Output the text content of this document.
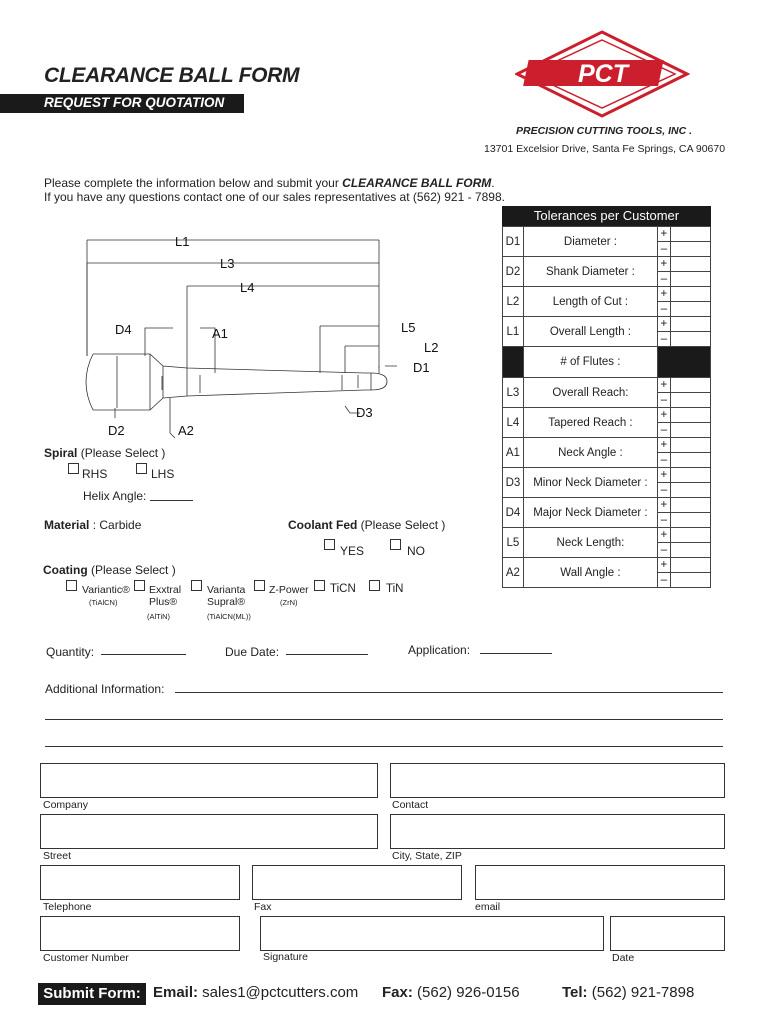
CLEARANCE BALL FORM
REQUEST FOR QUOTATION
PCT
PRECISION CUTTING TOOLS, INC .
13701 Excelsior Drive, Santa Fe Springs, CA 90670
Please complete the information below and submit your CLEARANCE BALL FORM.
If you have any questions contact one of our sales representatives at (562) 921 - 7898.
L1
L3
L4
D4	A1	L5
L2
D1
D2	A2
D3
Spiral (Please Select )
RHS	LHS
Helix Angle:
Material : Carbide	Coolant Fed (Please Select )
YES	NO
Coating (Please Select )
Variantic®
(TiAlCN)
Exxtral
Plus®
(AlTiN)
Varianta
Supral®
(TiAlCN(ML))
Z-Power
(ZrN)
TiCN	TiN
Quantity:	Due Date:	Application:
Additional Information:
Tolerances per Customer
D1	Diameter :	+	
		–	
D2	Shank Diameter :	+	
		–	
L2	Length of Cut :	+	
		–	
L1	Overall Length :	+	
		–	
	# of Flutes :		
L3	Overall Reach:	+	
		–	
L4	Tapered Reach :	+	
		–	
A1	Neck Angle :	+	
		–	
D3	Minor Neck Diameter :	+	
		–	
D4	Major Neck Diameter :	+	
		–	
L5	Neck Length:	+	
		–	
A2	Wall Angle :	+	
		–	
Company	Contact
Street	City, State, ZIP
Telephone	Fax	email
Customer Number	Signature	Date
Submit Form: Email: sales1@pctcutters.com Fax: (562) 926-0156	Tel: (562) 921-7898
